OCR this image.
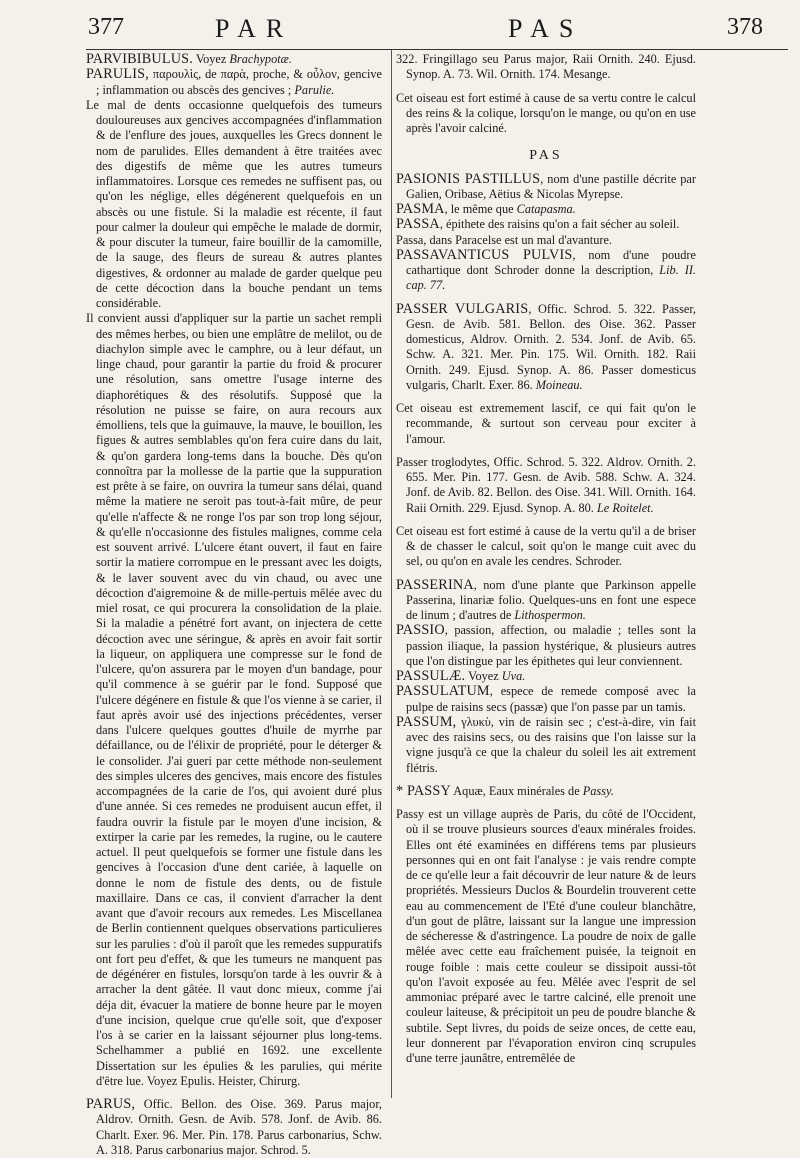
377	PAR	PAS	378

PARVIBIBULUS. Voyez Brachypotæ.

PARULIS, παρουλὶς, de παρὰ, proche, & οὖλον, gencive ; inflammation ou abscès des gencives ; Parulie.

Le mal de dents occasionne quelquefois des tumeurs douloureuses aux gencives accompagnées d'inflammation & de l'enflure des joues, auxquelles les Grecs donnent le nom de parulides. Elles demandent à être traitées avec des digestifs de même que les autres tumeurs inflammatoires. Lorsque ces remedes ne suffisent pas, ou qu'on les néglige, elles dégénerent quelquefois en un abscès ou une fistule. Si la maladie est récente, il faut pour calmer la douleur qui empêche le malade de dormir, & pour discuter la tumeur, faire bouillir de la camomille, de la sauge, des fleurs de sureau & autres plantes digestives, & ordonner au malade de garder quelque peu de cette décoction dans la bouche pendant un tems considérable.

Il convient aussi d'appliquer sur la partie un sachet rempli des mêmes herbes, ou bien une emplâtre de melilot, ou de diachylon simple avec le camphre, ou à leur défaut, un linge chaud, pour garantir la partie du froid & procurer une résolution, sans omettre l'usage interne des diaphorétiques & des résolutifs. Supposé que la résolution ne puisse se faire, on aura recours aux émolliens, tels que la guimauve, la mauve, le bouillon, les figues & autres semblables qu'on fera cuire dans du lait, & qu'on gardera long-tems dans la bouche. Dès qu'on connoîtra par la mollesse de la partie que la suppuration est prête à se faire, on ouvrira la tumeur sans délai, quand même la matiere ne seroit pas tout-à-fait mûre, de peur qu'elle n'affecte & ne ronge l'os par son trop long séjour, & qu'elle n'occasionne des fistules malignes, comme cela est souvent arrivé. L'ulcere étant ouvert, il faut en faire sortir la matiere corrompue en le pressant avec les doigts, & le laver souvent avec du vin chaud, ou avec une décoction d'aigremoine & de mille-pertuis mêlée avec du miel rosat, ce qui procurera la consolidation de la plaie. Si la maladie a pénétré fort avant, on injectera de cette décoction avec une séringue, & après en avoir fait sortir la liqueur, on appliquera une compresse sur le fond de l'ulcere, qu'on assurera par le moyen d'un bandage, pour qu'il commence à se guérir par le fond. Supposé que l'ulcere dégénere en fistule & que l'os vienne à se carier, il faut après avoir usé des injections précédentes, verser dans l'ulcere quelques gouttes d'huile de myrrhe par défaillance, ou de l'élixir de propriété, pour le déterger & le consolider. J'ai gueri par cette méthode non-seulement des simples ulceres des gencives, mais encore des fistules accompagnées de la carie de l'os, qui avoient duré plus d'une année. Si ces remedes ne produisent aucun effet, il faudra ouvrir la fistule par le moyen d'une incision, & extirper la carie par les remedes, la rugine, ou le cautere actuel. Il peut quelquefois se former une fistule dans les gencives à l'occasion d'une dent cariée, à laquelle on donne le nom de fistule des dents, ou de fistule maxillaire. Dans ce cas, il convient d'arracher la dent avant que d'avoir recours aux remedes. Les Miscellanea de Berlin contiennent quelques observations particulieres sur les parulies : d'où il paroît que les remedes suppuratifs ont fort peu d'effet, & que les tumeurs ne manquent pas de dégénérer en fistules, lorsqu'on tarde à les ouvrir & à arracher la dent gâtée. Il vaut donc mieux, comme j'ai déja dit, évacuer la matiere de bonne heure par le moyen d'une incision, quelque crue qu'elle soit, que d'exposer l'os à se carier en la laissant séjourner plus long-tems. Schelhammer a publié en 1692. une excellente Dissertation sur les épulies & les parulies, qui mérite d'être lue. Voyez Epulis. Heister, Chirurg.

PARUS, Offic. Bellon. des Oise. 369. Parus major, Aldrov. Ornith. Gesn. de Avib. 578. Jonf. de Avib. 86. Charlt. Exer. 96. Mer. Pin. 178. Parus carbonarius, Schw. A. 318. Parus carbonarius major. Schrod. 5.

322. Fringillago seu Parus major, Raii Ornith. 240. Ejusd. Synop. A. 73. Wil. Ornith. 174. Mesange.

Cet oiseau est fort estimé à cause de sa vertu contre le calcul des reins & la colique, lorsqu'on le mange, ou qu'on en use après l'avoir calciné.

PAS

PASIONIS PASTILLUS, nom d'une pastille décrite par Galien, Oribase, Aëtius & Nicolas Myrepse.

PASMA, le même que Catapasma.

PASSA, épithete des raisins qu'on a fait sécher au soleil.

Passa, dans Paracelse est un mal d'avanture.

PASSAVANTICUS PULVIS, nom d'une poudre cathartique dont Schroder donne la description, Lib. II. cap. 77.

PASSER VULGARIS, Offic. Schrod. 5. 322. Passer, Gesn. de Avib. 581. Bellon. des Oise. 362. Passer domesticus, Aldrov. Ornith. 2. 534. Jonf. de Avib. 65. Schw. A. 321. Mer. Pin. 175. Wil. Ornith. 182. Raii Ornith. 249. Ejusd. Synop. A. 86. Passer domesticus vulgaris, Charlt. Exer. 86. Moineau.

Cet oiseau est extremement lascif, ce qui fait qu'on le recommande, & surtout son cerveau pour exciter à l'amour.

Passer troglodytes, Offic. Schrod. 5. 322. Aldrov. Ornith. 2. 655. Mer. Pin. 177. Gesn. de Avib. 588. Schw. A. 324. Jonf. de Avib. 82. Bellon. des Oise. 341. Will. Ornith. 164. Raii Ornith. 229. Ejusd. Synop. A. 80. Le Roitelet.

Cet oiseau est fort estimé à cause de la vertu qu'il a de briser & de chasser le calcul, soit qu'on le mange cuit avec du sel, ou qu'on en avale les cendres. Schroder.

PASSERINA, nom d'une plante que Parkinson appelle Passerina, linariæ folio. Quelques-uns en font une espece de linum ; d'autres de Lithospermon.

PASSIO, passion, affection, ou maladie ; telles sont la passion iliaque, la passion hystérique, & plusieurs autres que l'on distingue par les épithetes qui leur conviennent.

PASSULÆ. Voyez Uva.

PASSULATUM, espece de remede composé avec la pulpe de raisins secs (passæ) que l'on passe par un tamis.

PASSUM, γλυκὺ, vin de raisin sec ; c'est-à-dire, vin fait avec des raisins secs, ou des raisins que l'on laisse sur la vigne jusqu'à ce que la chaleur du soleil les ait extrement flétris.

* PASSY Aquæ, Eaux minérales de Passy.

Passy est un village auprès de Paris, du côté de l'Occident, où il se trouve plusieurs sources d'eaux minérales froides. Elles ont été examinées en différens tems par plusieurs personnes qui en ont fait l'analyse : je vais rendre compte de ce qu'elle leur a fait découvrir de leur nature & de leurs propriétés. Messieurs Duclos & Bourdelin trouverent cette eau au commencement de l'Eté d'une couleur blanchâtre, d'un gout de plâtre, laissant sur la langue une impression de sécheresse & d'astringence. La poudre de noix de galle mêlée avec cette eau fraîchement puisée, la teignoit en rouge foible : mais cette couleur se dissipoit aussi-tôt qu'on l'avoit exposée au feu. Mêlée avec l'esprit de sel ammoniac préparé avec le tartre calciné, elle prenoit une couleur laiteuse, & précipitoit un peu de poudre blanche & subtile. Sept livres, du poids de seize onces, de cette eau, leur donnerent par l'évaporation environ cinq scrupules d'une terre jaunâtre, entremêlée de
